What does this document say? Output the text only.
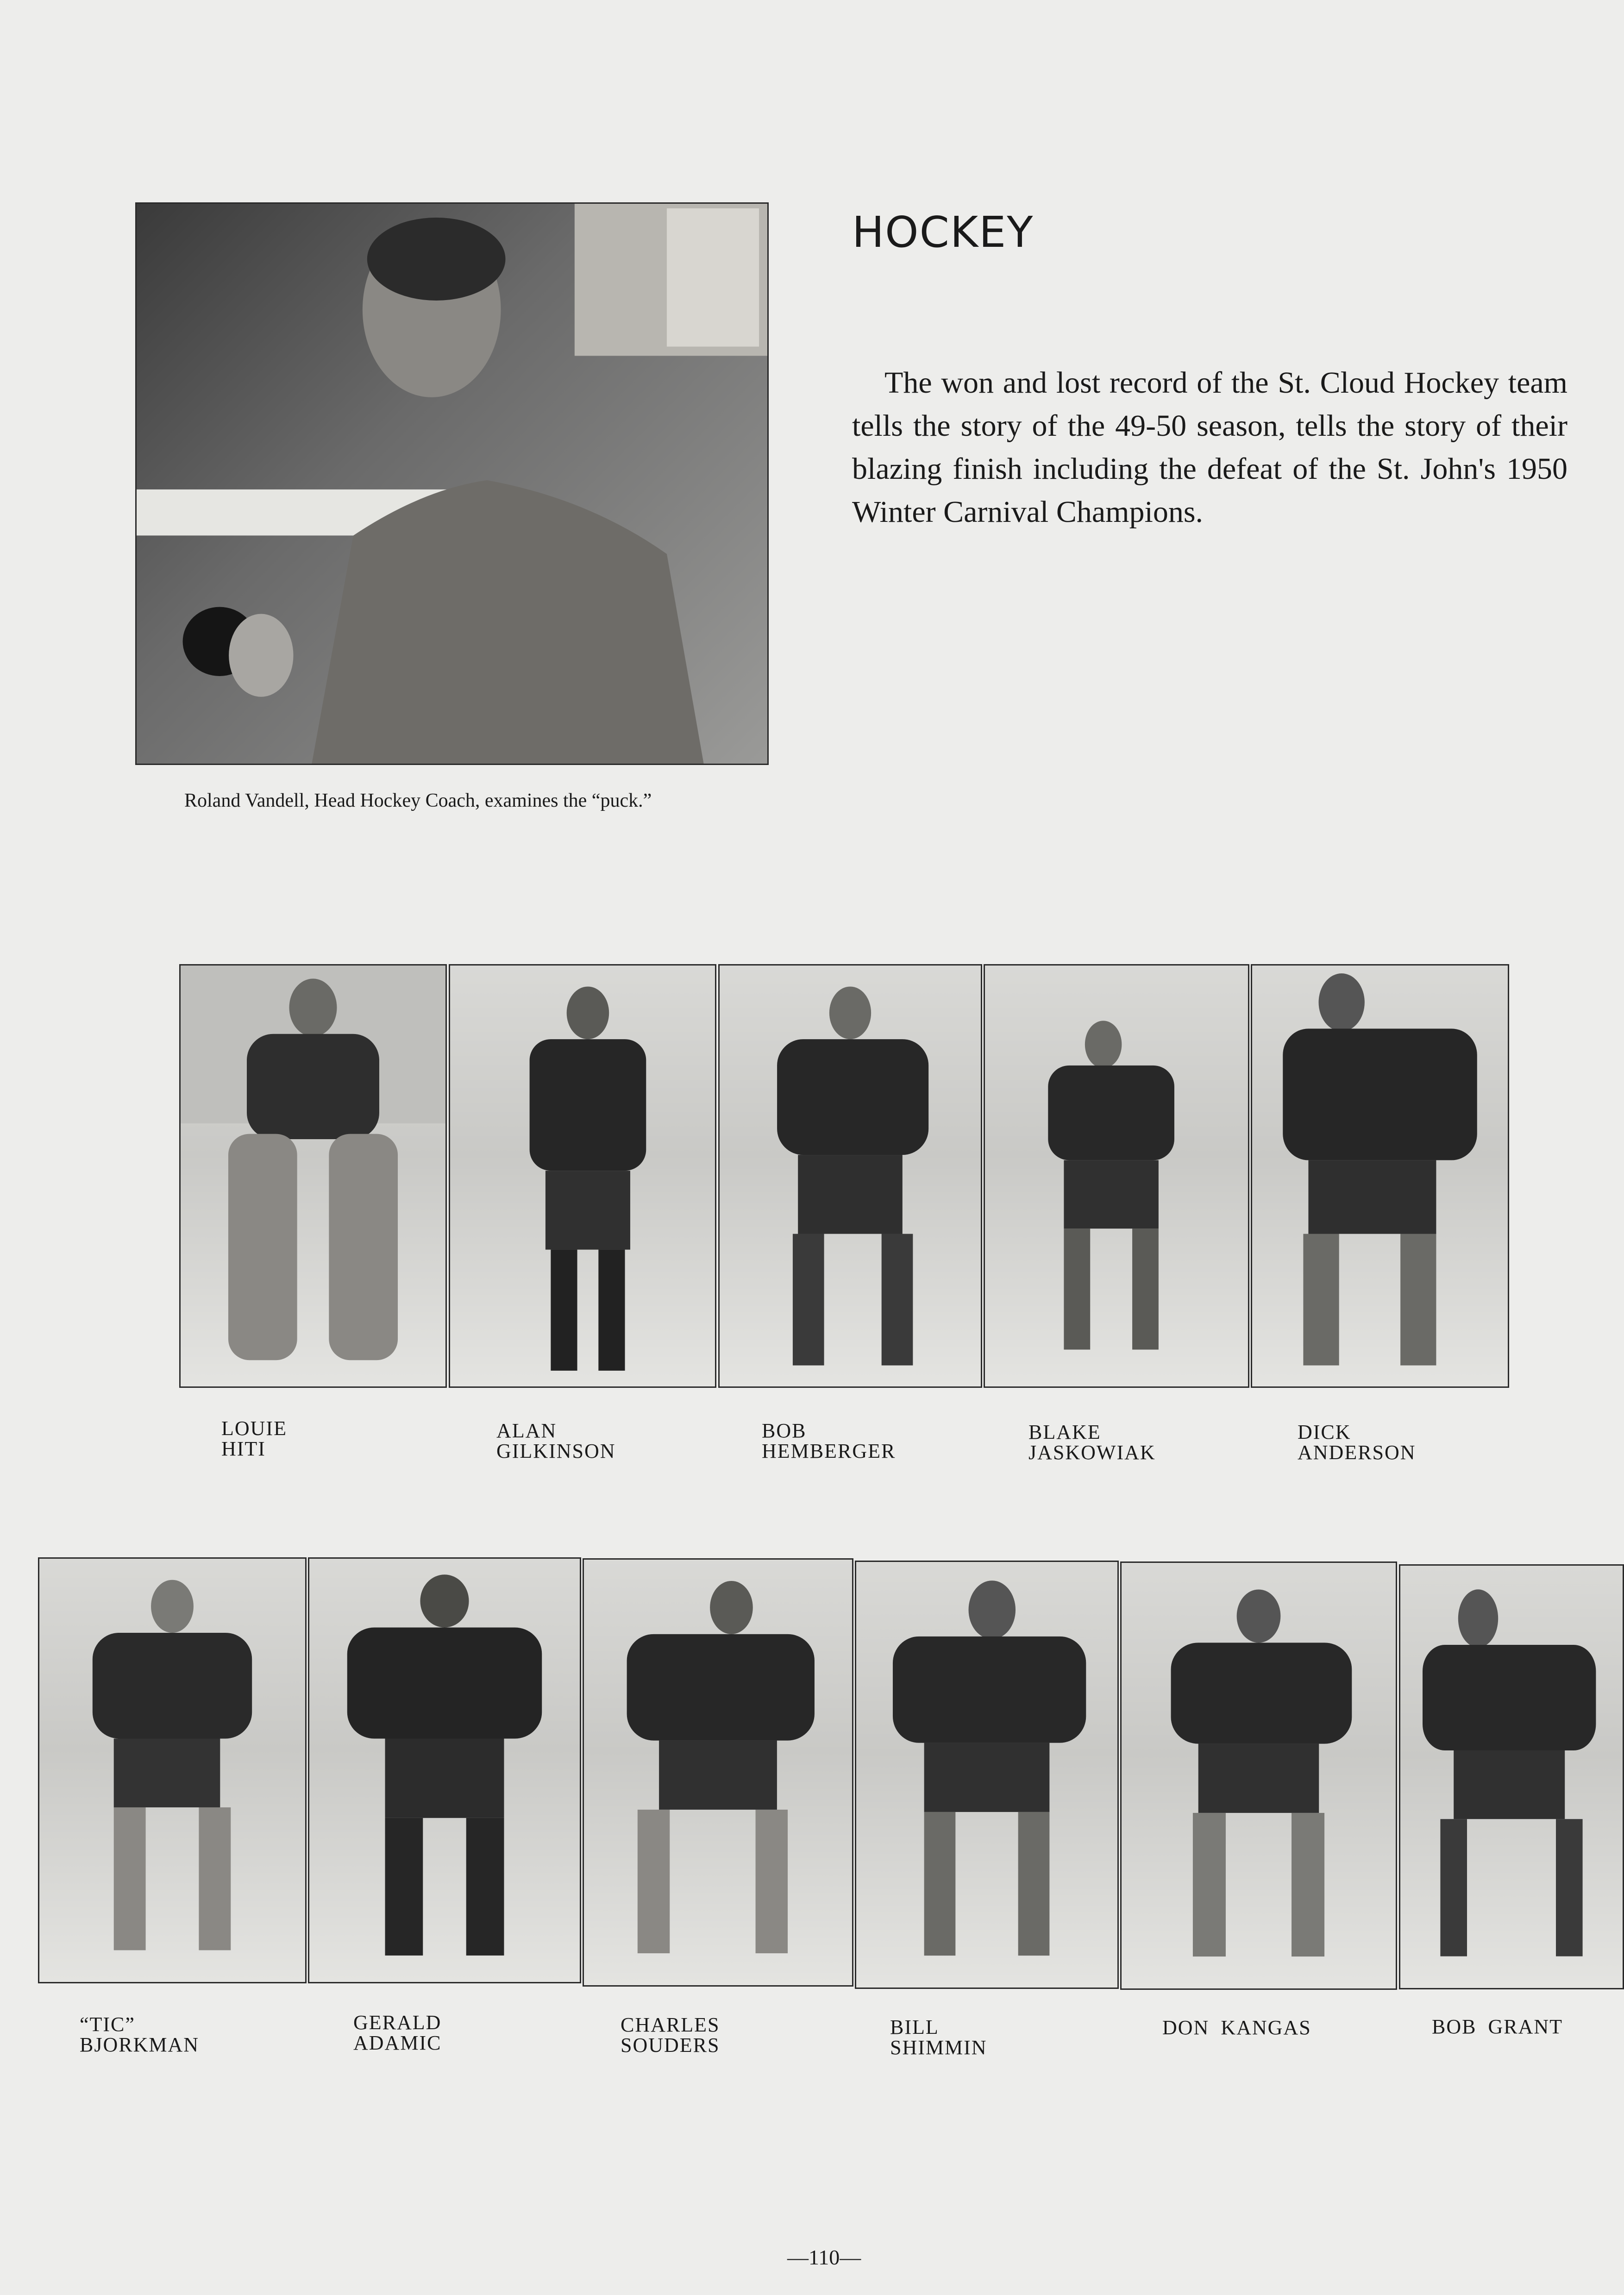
HOCKEY

The won and lost record of the St. Cloud Hockey team tells the story of the 49-50 season, tells the story of their blazing finish including the defeat of the St. John's 1950 Winter Carnival Champions.

Roland Vandell, Head Hockey Coach, examines the “puck.”

LOUIE
HITI
ALAN
GILKINSON
BOB
HEMBERGER
BLAKE
JASKOWIAK
DICK
ANDERSON
“TIC”
BJORKMAN
GERALD
ADAMIC
CHARLES
SOUDERS
BILL
SHIMMIN
DON KANGAS	BOB GRANT
—110—
